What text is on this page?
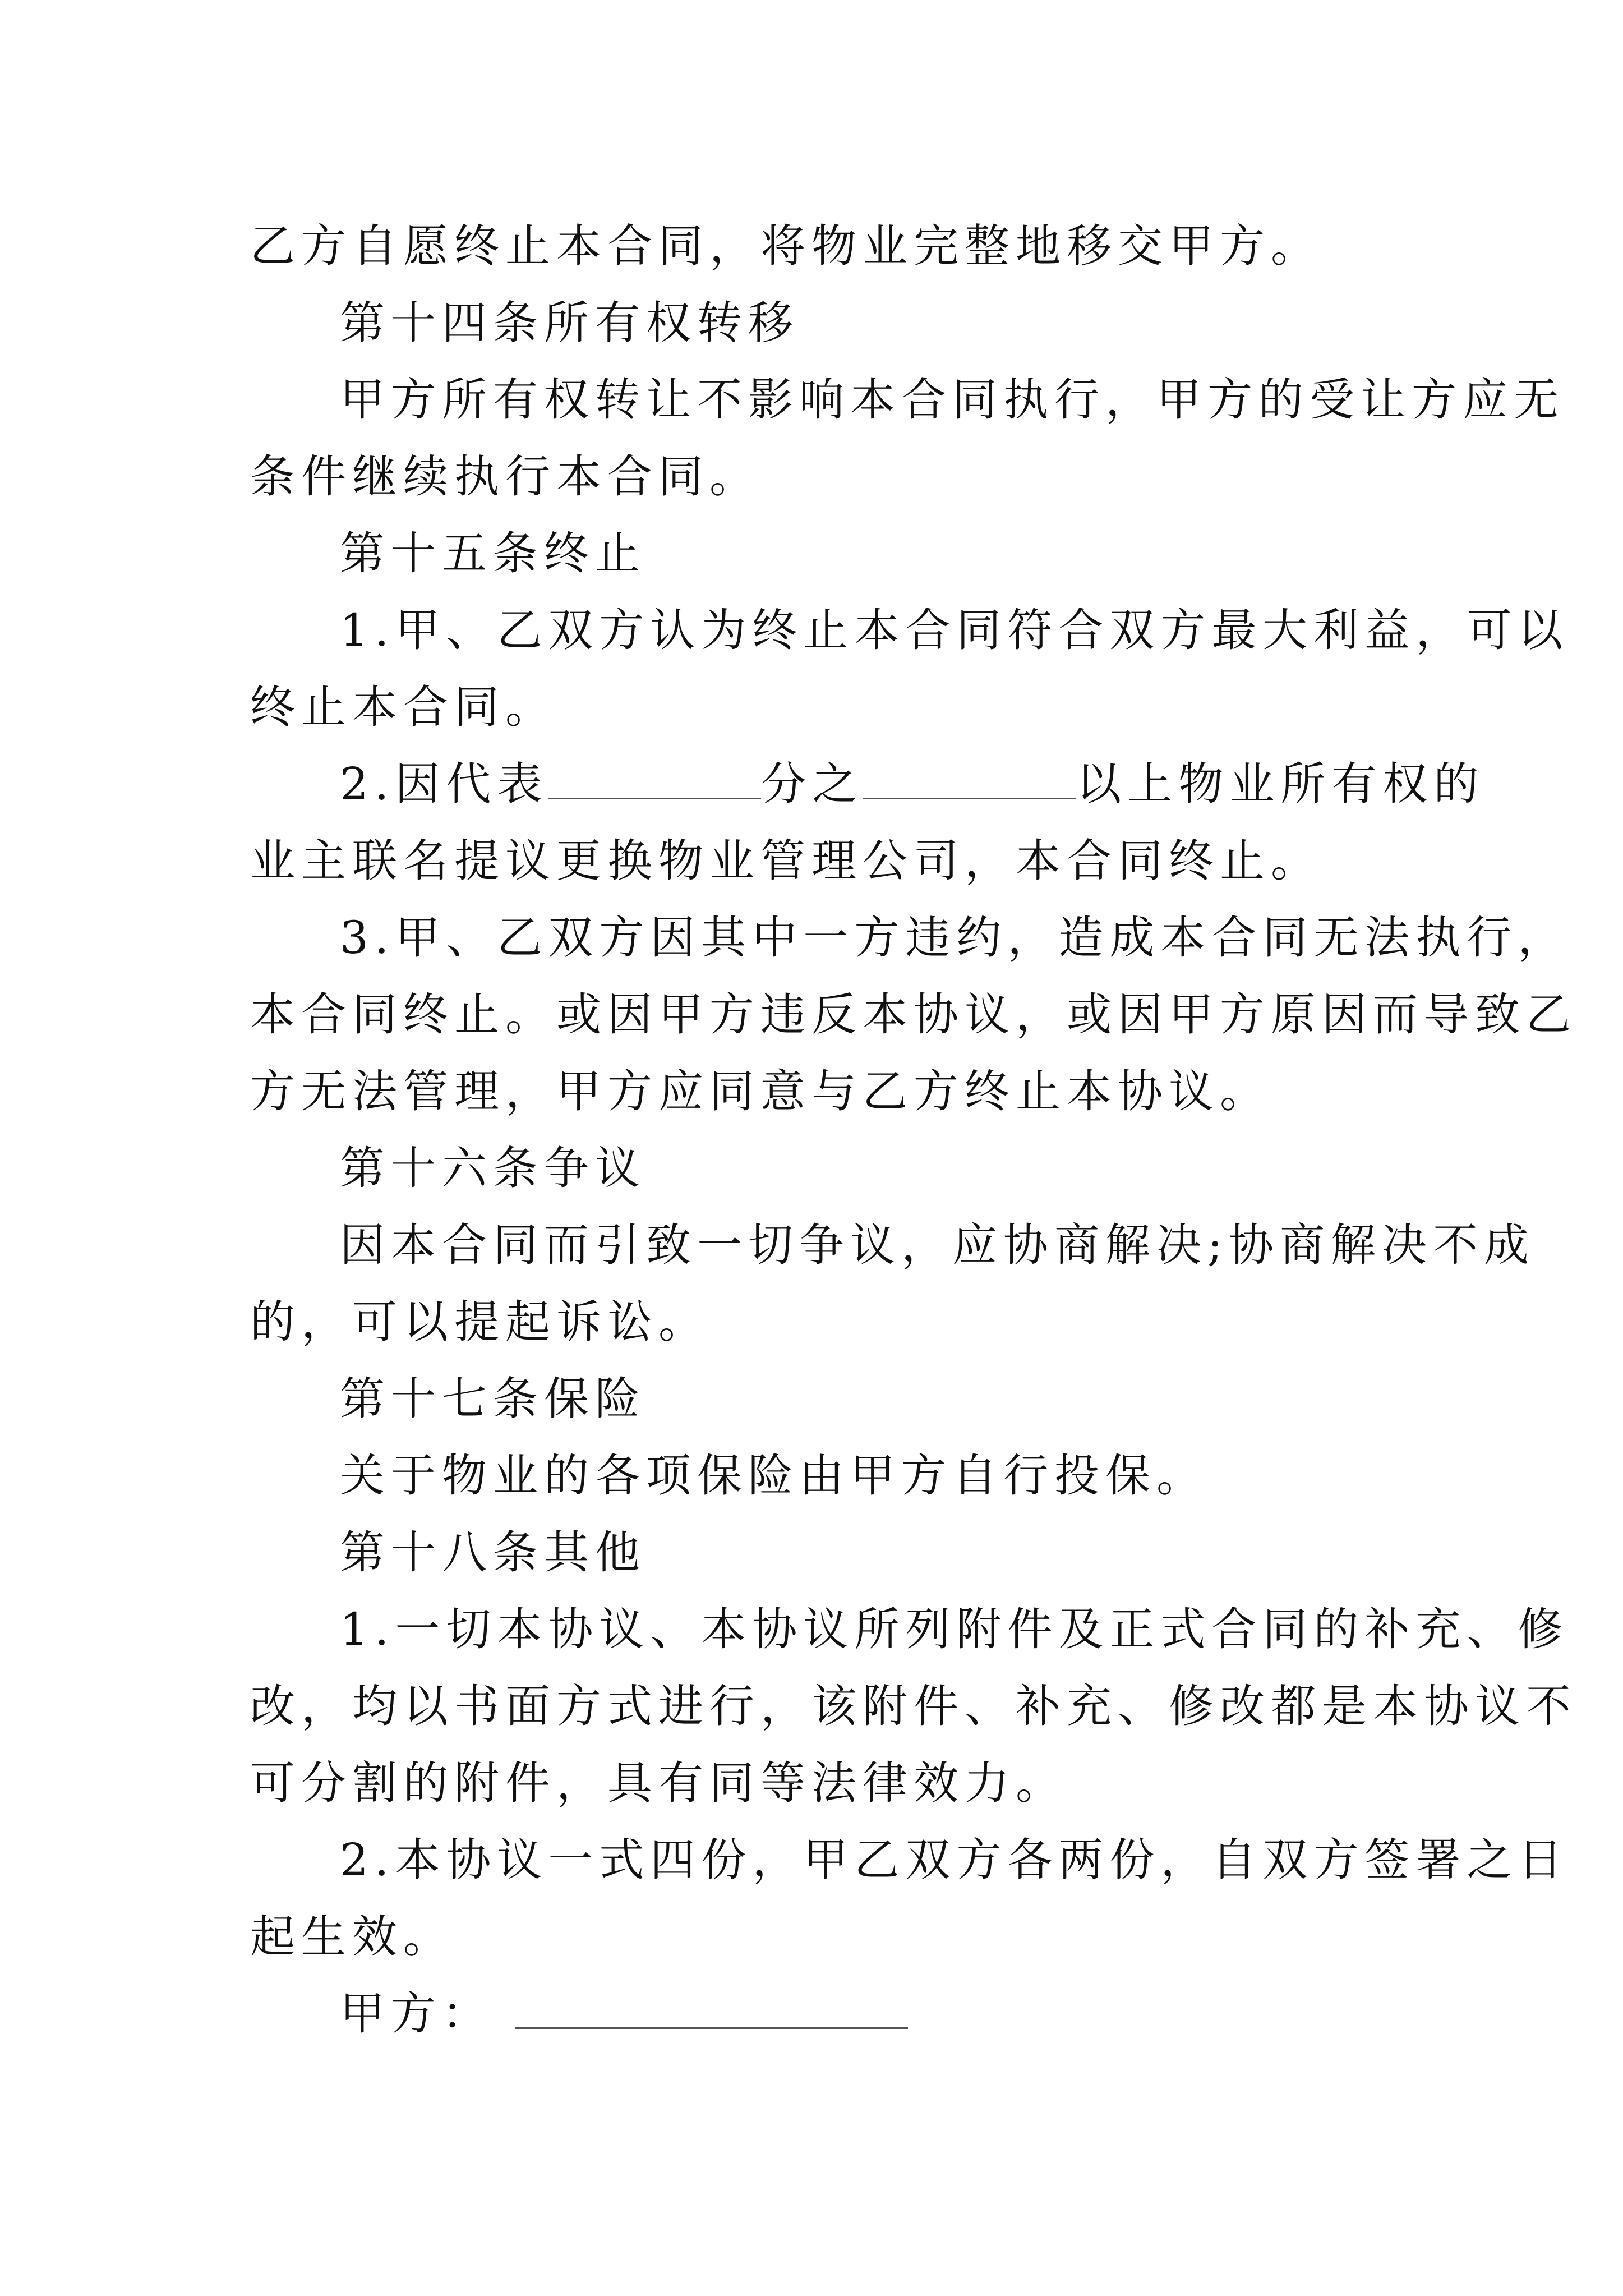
乙方自愿终止本合同，将物业完整地移交甲方。
第十四条所有权转移
甲方所有权转让不影响本合同执行，甲方的受让方应无
条件继续执行本合同。
第十五条终止
1.甲、乙双方认为终止本合同符合双方最大利益，可以
终止本合同。
2.因代表	分之	以上物业所有权的
业主联名提议更换物业管理公司，本合同终止。
3.甲、乙双方因其中一方违约，造成本合同无法执行，
本合同终止。或因甲方违反本协议，或因甲方原因而导致乙
方无法管理，甲方应同意与乙方终止本协议。
第十六条争议
因本合同而引致一切争议，应协商解决;协商解决不成
的，可以提起诉讼。
第十七条保险
关于物业的各项保险由甲方自行投保。
第十八条其他
1.一切本协议、本协议所列附件及正式合同的补充、修
改，均以书面方式进行，该附件、补充、修改都是本协议不
可分割的附件，具有同等法律效力。
2.本协议一式四份，甲乙双方各两份，自双方签署之日
起生效。
甲方：
